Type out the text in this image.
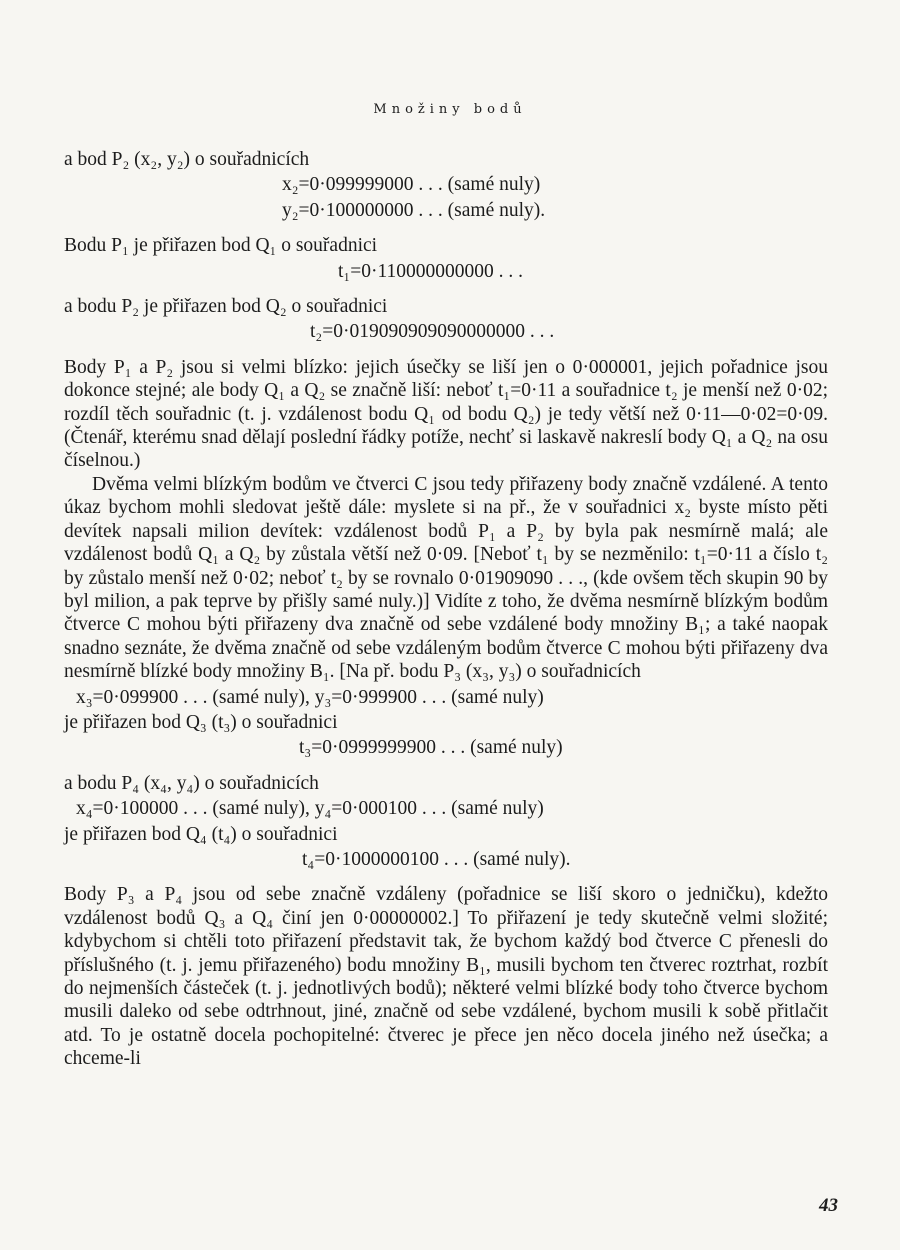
Množiny bodů

a bod P₂ (x₂, y₂) o souřadnicích

x₂=0·099999000 . . . (samé nuly)

y₂=0·100000000 . . . (samé nuly).

Bodu P₁ je přiřazen bod Q₁ o souřadnici

t₁=0·110000000000 . . .

a bodu P₂ je přiřazen bod Q₂ o souřadnici

t₂=0·019090909090000000 . . .

Body P₁ a P₂ jsou si velmi blízko: jejich úsečky se liší jen o 0·000001, jejich pořadnice jsou dokonce stejné; ale body Q₁ a Q₂ se značně liší: neboť t₁=0·11 a souřadnice t₂ je menší než 0·02; rozdíl těch souřadnic (t. j. vzdálenost bodu Q₁ od bodu Q₂) je tedy větší než 0·11—0·02=0·09. (Čtenář, kterému snad dělají poslední řádky potíže, nechť si laskavě nakreslí body Q₁ a Q₂ na osu číselnou.)

Dvěma velmi blízkým bodům ve čtverci C jsou tedy přiřazeny body značně vzdálené. A tento úkaz bychom mohli sledovat ještě dále: myslete si na př., že v souřadnici x₂ byste místo pěti devítek napsali milion devítek: vzdálenost bodů P₁ a P₂ by byla pak nesmírně malá; ale vzdálenost bodů Q₁ a Q₂ by zůstala větší než 0·09. [Neboť t₁ by se nezměnilo: t₁=0·11 a číslo t₂ by zůstalo menší než 0·02; neboť t₂ by se rovnalo 0·01909090 . . ., (kde ovšem těch skupin 90 by byl milion, a pak teprve by přišly samé nuly.)] Vidíte z toho, že dvěma nesmírně blízkým bodům čtverce C mohou býti přiřazeny dva značně od sebe vzdálené body množiny B₁; a také naopak snadno seznáte, že dvěma značně od sebe vzdáleným bodům čtverce C mohou býti přiřazeny dva nesmírně blízké body množiny B₁. [Na př. bodu P₃ (x₃, y₃) o souřadnicích

x₃=0·099900 . . . (samé nuly), y₃=0·999900 . . . (samé nuly)

je přiřazen bod Q₃ (t₃) o souřadnici

t₃=0·0999999900 . . . (samé nuly)

a bodu P₄ (x₄, y₄) o souřadnicích

x₄=0·100000 . . . (samé nuly), y₄=0·000100 . . . (samé nuly)

je přiřazen bod Q₄ (t₄) o souřadnici

t₄=0·1000000100 . . . (samé nuly).

Body P₃ a P₄ jsou od sebe značně vzdáleny (pořadnice se liší skoro o jedničku), kdežto vzdálenost bodů Q₃ a Q₄ činí jen 0·00000002.] To přiřazení je tedy skutečně velmi složité; kdybychom si chtěli toto přiřazení představit tak, že bychom každý bod čtverce C přenesli do příslušného (t. j. jemu přiřazeného) bodu množiny B₁, musili bychom ten čtverec roztrhat, rozbít do nejmenších částeček (t. j. jednotlivých bodů); některé velmi blízké body toho čtverce bychom musili daleko od sebe odtrhnout, jiné, značně od sebe vzdálené, bychom musili k sobě přitlačit atd. To je ostatně docela pochopitelné: čtverec je přece jen něco docela jiného než úsečka; a chceme-li

43
